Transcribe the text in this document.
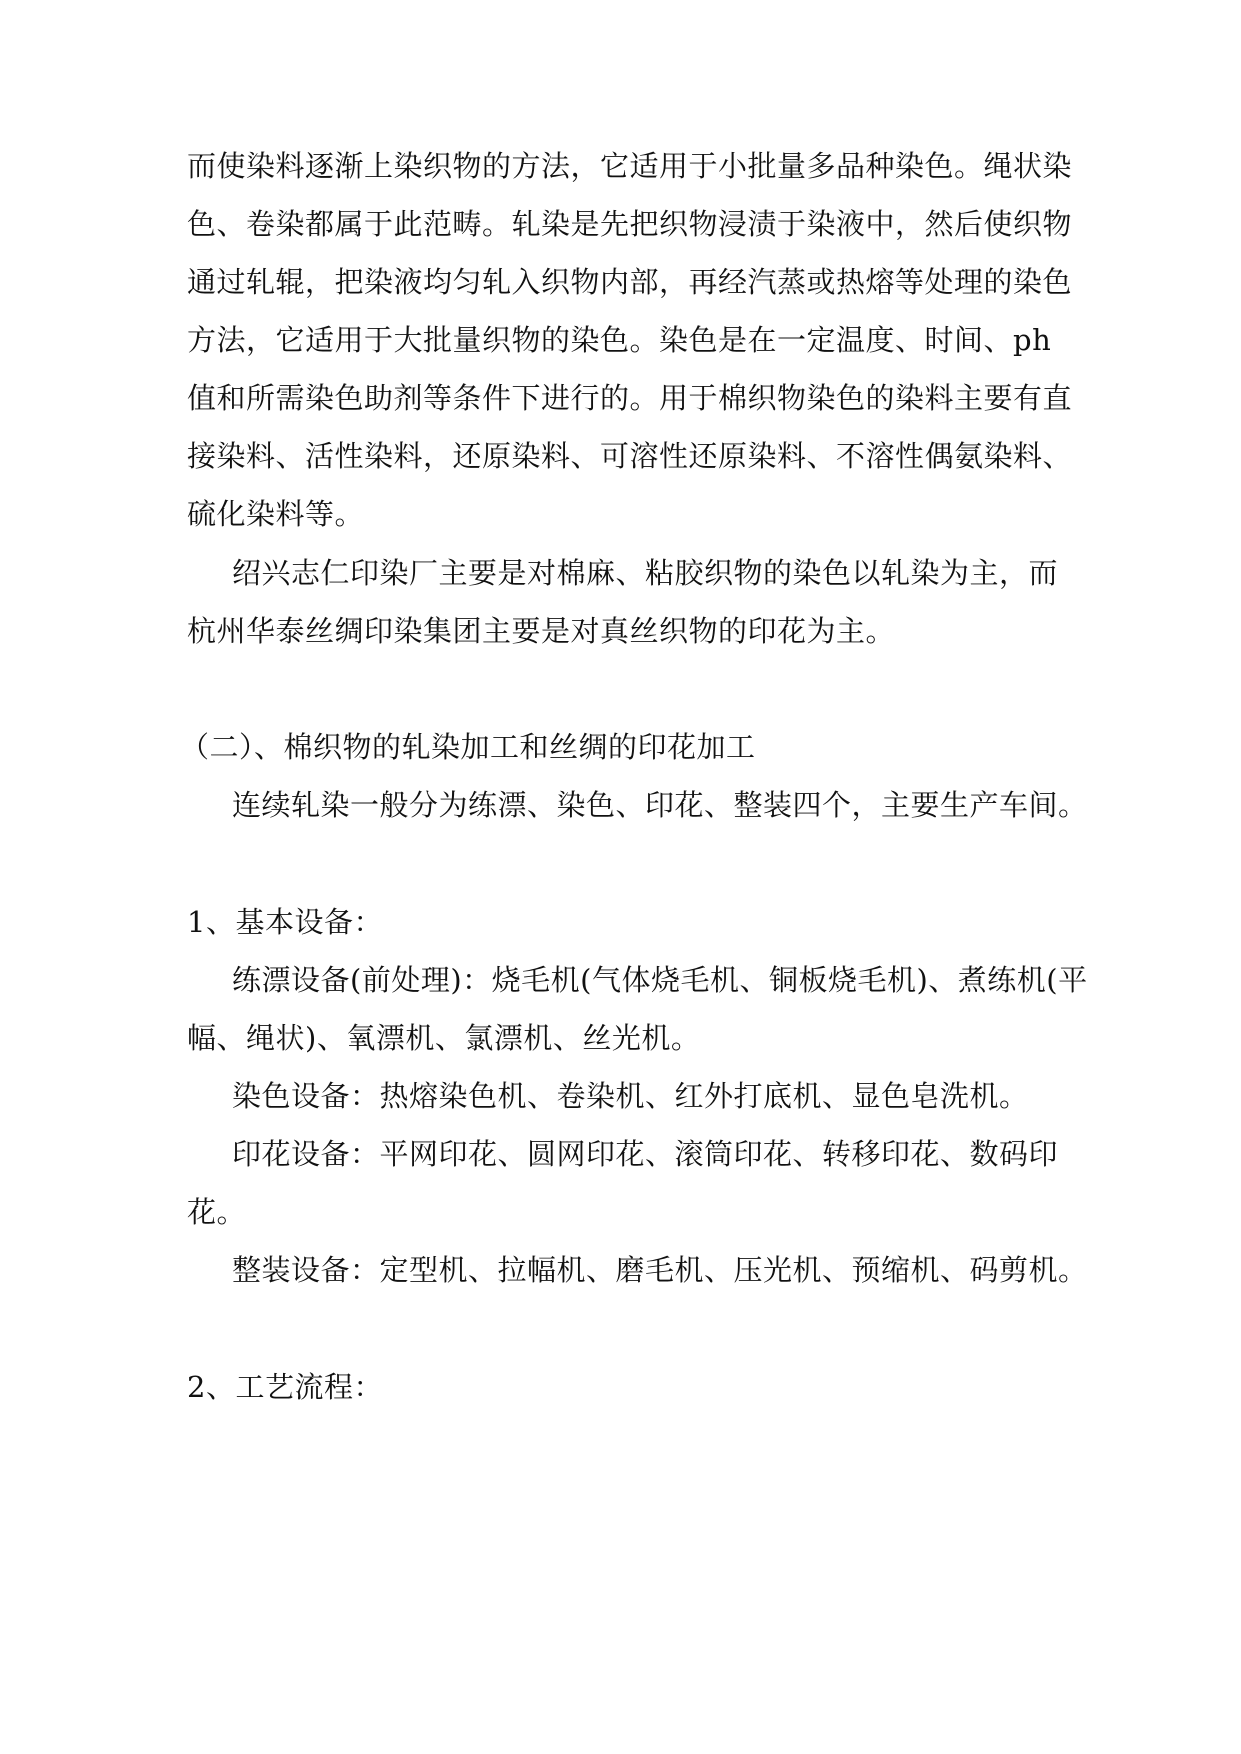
而使染料逐渐上染织物的方法，它适用于小批量多品种染色。绳状染
色、卷染都属于此范畴。轧染是先把织物浸渍于染液中，然后使织物
通过轧辊，把染液均匀轧入织物内部，再经汽蒸或热熔等处理的染色
方法，它适用于大批量织物的染色。染色是在一定温度、时间、ph
值和所需染色助剂等条件下进行的。用于棉织物染色的染料主要有直
接染料、活性染料，还原染料、可溶性还原染料、不溶性偶氨染料、
硫化染料等。
绍兴志仁印染厂主要是对棉麻、粘胶织物的染色以轧染为主，而
杭州华泰丝绸印染集团主要是对真丝织物的印花为主。
（二）、棉织物的轧染加工和丝绸的印花加工
连续轧染一般分为练漂、染色、印花、整装四个，主要生产车间。
1、基本设备：
练漂设备(前处理)：烧毛机(气体烧毛机、铜板烧毛机)、煮练机(平
幅、绳状)、氧漂机、氯漂机、丝光机。
染色设备：热熔染色机、卷染机、红外打底机、显色皂洗机。
印花设备：平网印花、圆网印花、滚筒印花、转移印花、数码印
花。
整装设备：定型机、拉幅机、磨毛机、压光机、预缩机、码剪机。
2、工艺流程：
